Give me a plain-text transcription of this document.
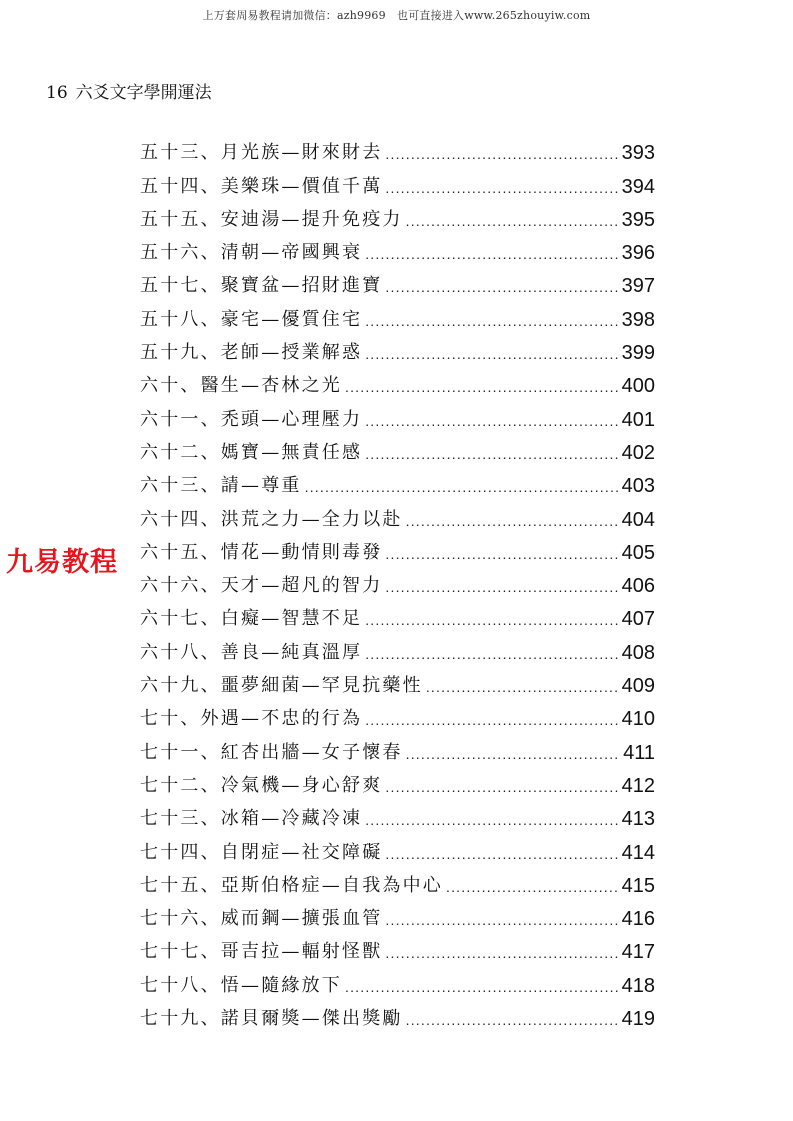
上万套周易教程请加微信：azh9969　也可直接进入www.265zhouyiw.com
16 六爻文字學開運法
九易教程
五十三、月光族—財來財去 .....	393
五十四、美樂珠—價值千萬 .....	394
五十五、安迪湯—提升免疫力 .....	395
五十六、清朝—帝國興衰 .....	396
五十七、聚寶盆—招財進寶 .....	397
五十八、豪宅—優質住宅 .....	398
五十九、老師—授業解惑 .....	399
六十、醫生—杏林之光 .....	400
六十一、禿頭—心理壓力 .....	401
六十二、媽寶—無責任感 .....	402
六十三、請—尊重 .....	403
六十四、洪荒之力—全力以赴 .....	404
六十五、情花—動情則毒發 .....	405
六十六、天才—超凡的智力 .....	406
六十七、白癡—智慧不足 .....	407
六十八、善良—純真溫厚 .....	408
六十九、噩夢細菌—罕見抗藥性 .....	409
七十、外遇—不忠的行為 .....	410
七十一、紅杏出牆—女子懷春 .....	411
七十二、冷氣機—身心舒爽 .....	412
七十三、冰箱—冷藏冷凍 .....	413
七十四、自閉症—社交障礙 .....	414
七十五、亞斯伯格症—自我為中心 .....	415
七十六、威而鋼—擴張血管 .....	416
七十七、哥吉拉—輻射怪獸 .....	417
七十八、悟—隨緣放下 .....	418
七十九、諾貝爾獎—傑出獎勵 .....	419
